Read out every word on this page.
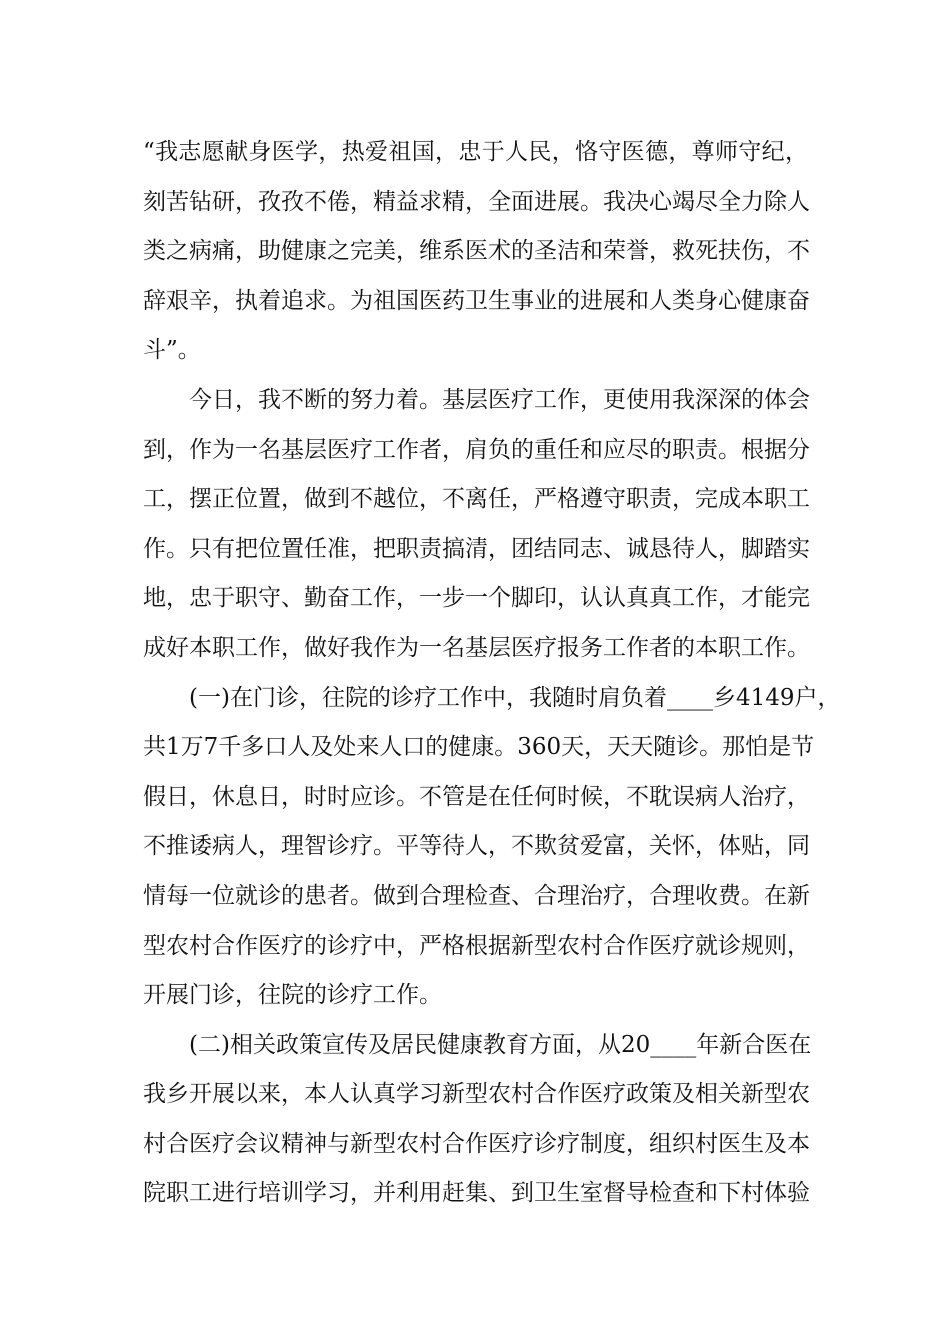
“我志愿献身医学，热爱祖国，忠于人民，恪守医德，尊师守纪，
刻苦钻研，孜孜不倦，精益求精，全面进展。我决心竭尽全力除人
类之病痛，助健康之完美，维系医术的圣洁和荣誉，救死扶伤，不
辞艰辛，执着追求。为祖国医药卫生事业的进展和人类身心健康奋
斗”。
今日，我不断的努力着。基层医疗工作，更使用我深深的体会
到，作为一名基层医疗工作者，肩负的重任和应尽的职责。根据分
工，摆正位置，做到不越位，不离任，严格遵守职责，完成本职工
作。只有把位置任准，把职责搞清，团结同志、诚恳待人，脚踏实
地，忠于职守、勤奋工作，一步一个脚印，认认真真工作，才能完
成好本职工作，做好我作为一名基层医疗报务工作者的本职工作。
(一)在门诊，往院的诊疗工作中，我随时肩负着____乡4149户，
共1万7千多口人及处来人口的健康。360天，天天随诊。那怕是节
假日，休息日，时时应诊。不管是在任何时候，不耽误病人治疗，
不推诿病人，理智诊疗。平等待人，不欺贫爱富，关怀，体贴，同
情每一位就诊的患者。做到合理检查、合理治疗，合理收费。在新
型农村合作医疗的诊疗中，严格根据新型农村合作医疗就诊规则，
开展门诊，往院的诊疗工作。
(二)相关政策宣传及居民健康教育方面，从20____年新合医在
我乡开展以来，本人认真学习新型农村合作医疗政策及相关新型农
村合医疗会议精神与新型农村合作医疗诊疗制度，组织村医生及本
院职工进行培训学习，并利用赶集、到卫生室督导检查和下村体验
